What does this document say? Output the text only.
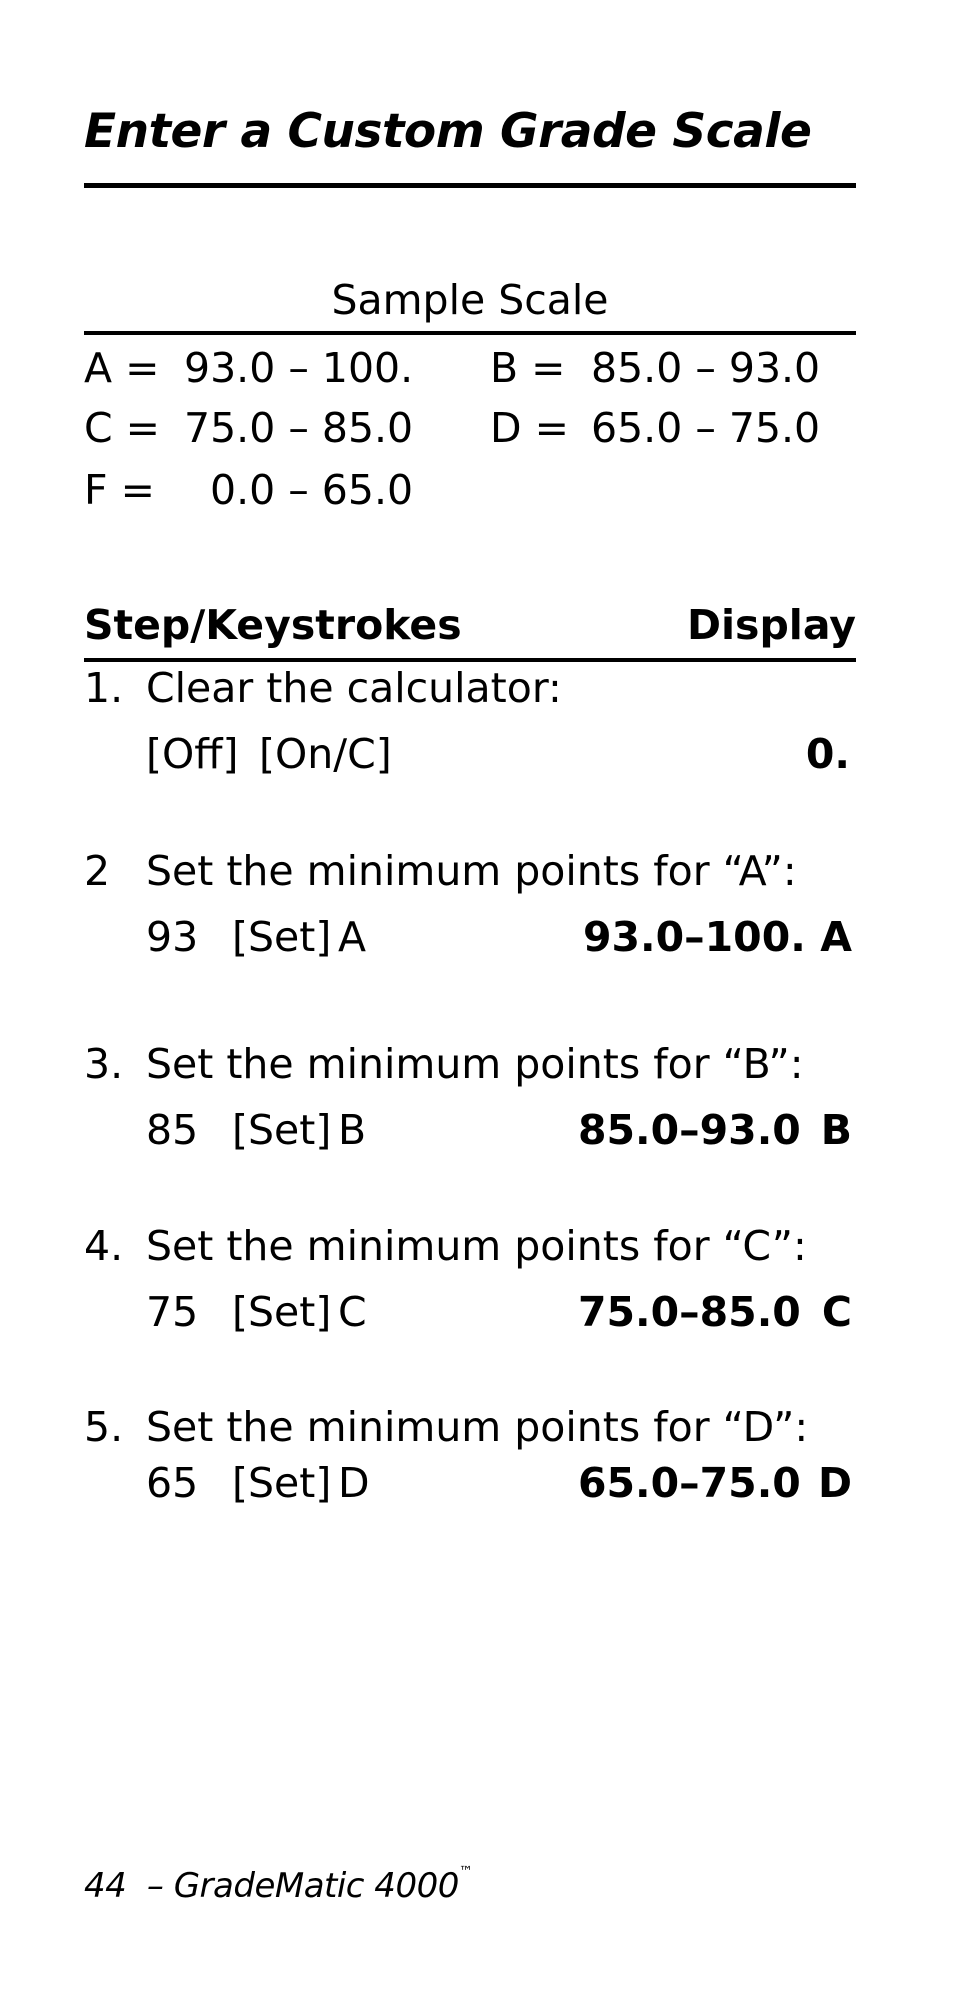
Enter a Custom Grade Scale
Sample Scale
A = 93.0 – 100. B = 85.0 – 93.0
C = 75.0 – 85.0 D = 65.0 – 75.0
F = 0.0 – 65.0
Step/Keystrokes	Display
1. Clear the calculator:
[Off] [On/C]	0.
2 Set the minimum points for “A”:
93 [Set] A	93.0–100. A
3. Set the minimum points for “B”:
85 [Set] B	85.0–93.0 B
4. Set the minimum points for “C”:
75 [Set] C	75.0–85.0 C
5. Set the minimum points for “D”:
65 [Set] D	65.0–75.0 D
44 – GradeMatic 4000™
